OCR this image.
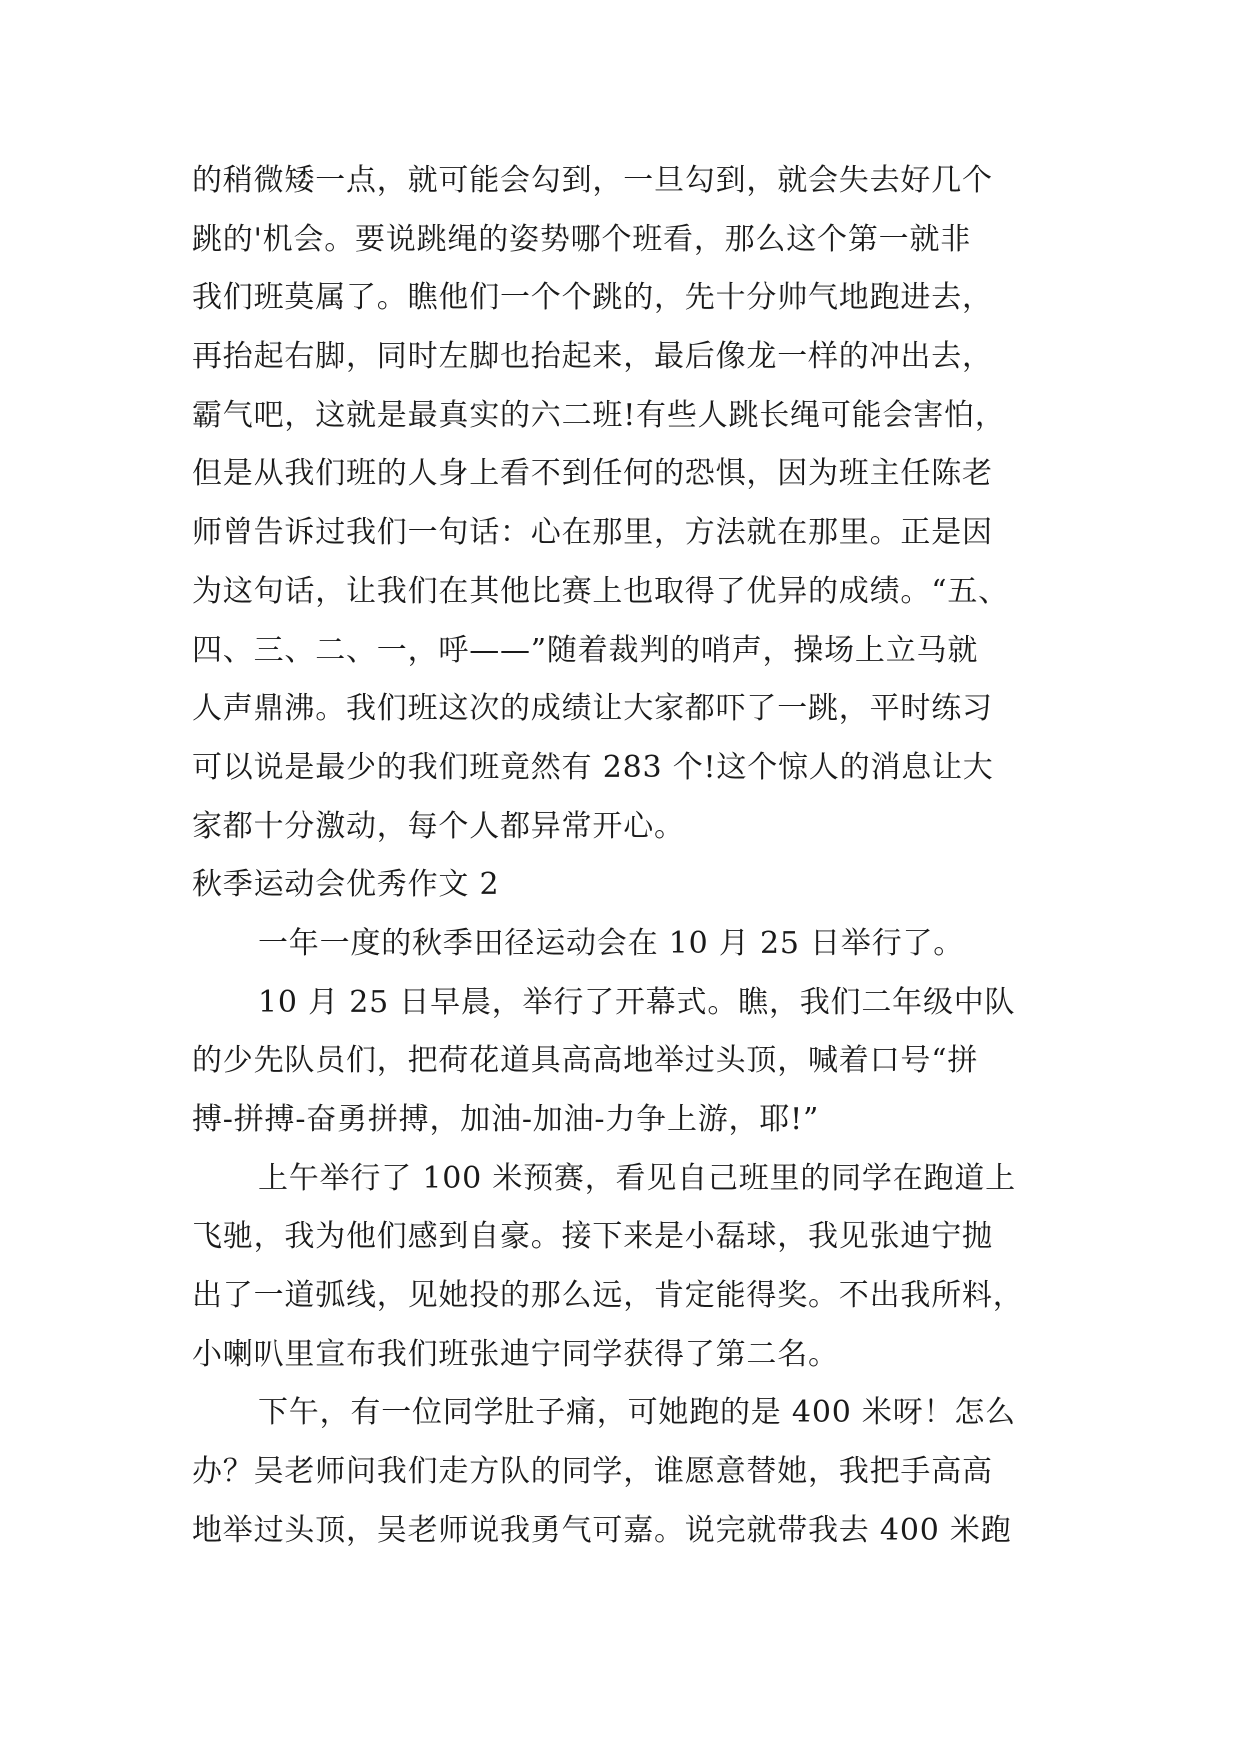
的稍微矮一点，就可能会勾到，一旦勾到，就会失去好几个
跳的'机会。要说跳绳的姿势哪个班看，那么这个第一就非
我们班莫属了。瞧他们一个个跳的，先十分帅气地跑进去，
再抬起右脚，同时左脚也抬起来，最后像龙一样的冲出去，
霸气吧，这就是最真实的六二班!有些人跳长绳可能会害怕，
但是从我们班的人身上看不到任何的恐惧，因为班主任陈老
师曾告诉过我们一句话：心在那里，方法就在那里。正是因
为这句话，让我们在其他比赛上也取得了优异的成绩。“五、
四、三、二、一，呼——”随着裁判的哨声，操场上立马就
人声鼎沸。我们班这次的成绩让大家都吓了一跳，平时练习
可以说是最少的我们班竟然有 283 个!这个惊人的消息让大
家都十分激动，每个人都异常开心。
秋季运动会优秀作文 2
一年一度的秋季田径运动会在 10 月 25 日举行了。
10 月 25 日早晨，举行了开幕式。瞧，我们二年级中队
的少先队员们，把荷花道具高高地举过头顶，喊着口号“拼
搏-拼搏-奋勇拼搏，加油-加油-力争上游，耶!”
上午举行了 100 米预赛，看见自己班里的同学在跑道上
飞驰，我为他们感到自豪。接下来是小磊球，我见张迪宁抛
出了一道弧线，见她投的那么远，肯定能得奖。不出我所料，
小喇叭里宣布我们班张迪宁同学获得了第二名。
下午，有一位同学肚子痛，可她跑的是 400 米呀！怎么
办？吴老师问我们走方队的同学，谁愿意替她，我把手高高
地举过头顶，吴老师说我勇气可嘉。说完就带我去 400 米跑
